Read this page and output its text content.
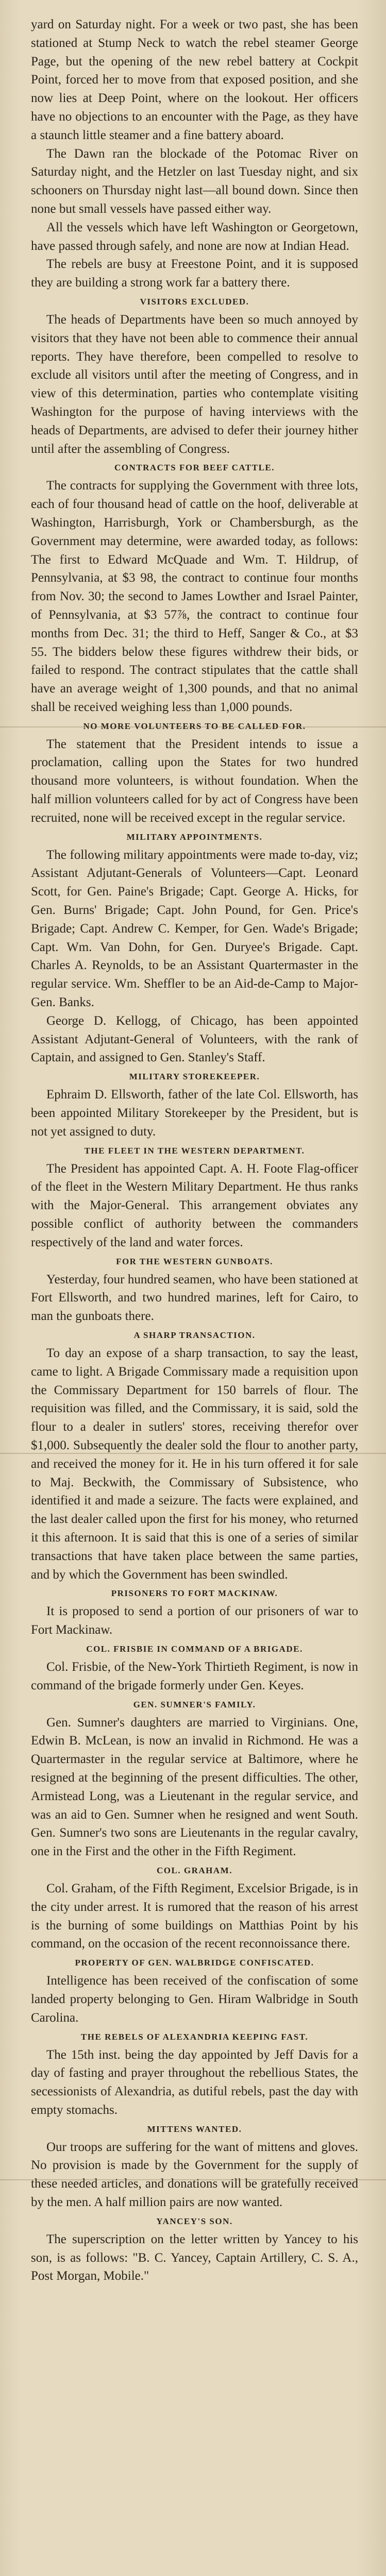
yard on Saturday night. For a week or two past, she has been stationed at Stump Neck to watch the rebel steamer George Page, but the opening of the new rebel battery at Cockpit Point, forced her to move from that exposed position, and she now lies at Deep Point, where on the lookout. Her officers have no objections to an encounter with the Page, as they have a staunch little steamer and a fine battery aboard.

The Dawn ran the blockade of the Potomac River on Saturday night, and the Hetzler on last Tuesday night, and six schooners on Thursday night last—all bound down. Since then none but small vessels have passed either way.

All the vessels which have left Washington or Georgetown, have passed through safely, and none are now at Indian Head.

The rebels are busy at Freestone Point, and it is supposed they are building a strong work far a battery there.

VISITORS EXCLUDED.

The heads of Departments have been so much annoyed by visitors that they have not been able to commence their annual reports. They have therefore, been compelled to resolve to exclude all visitors until after the meeting of Congress, and in view of this determination, parties who contemplate visiting Washington for the purpose of having interviews with the heads of Departments, are advised to defer their journey hither until after the assembling of Congress.

CONTRACTS FOR BEEF CATTLE.

The contracts for supplying the Government with three lots, each of four thousand head of cattle on the hoof, deliverable at Washington, Harrisburgh, York or Chambersburgh, as the Government may determine, were awarded today, as follows: The first to Edward McQuade and Wm. T. Hildrup, of Pennsylvania, at $3 98, the contract to continue four months from Nov. 30; the second to James Lowther and Israel Painter, of Pennsylvania, at $3 57⅞, the contract to continue four months from Dec. 31; the third to Heff, Sanger & Co., at $3 55. The bidders below these figures withdrew their bids, or failed to respond. The contract stipulates that the cattle shall have an average weight of 1,300 pounds, and that no animal shall be received weighing less than 1,000 pounds.

NO MORE VOLUNTEERS TO BE CALLED FOR.

The statement that the President intends to issue a proclamation, calling upon the States for two hundred thousand more volunteers, is without foundation. When the half million volunteers called for by act of Congress have been recruited, none will be received except in the regular service.

MILITARY APPOINTMENTS.

The following military appointments were made to-day, viz; Assistant Adjutant-Generals of Volunteers—Capt. Leonard Scott, for Gen. Paine's Brigade; Capt. George A. Hicks, for Gen. Burns' Brigade; Capt. John Pound, for Gen. Price's Brigade; Capt. Andrew C. Kemper, for Gen. Wade's Brigade; Capt. Wm. Van Dohn, for Gen. Duryee's Brigade. Capt. Charles A. Reynolds, to be an Assistant Quartermaster in the regular service. Wm. Sheffler to be an Aid-de-Camp to Major-Gen. Banks.

George D. Kellogg, of Chicago, has been appointed Assistant Adjutant-General of Volunteers, with the rank of Captain, and assigned to Gen. Stanley's Staff.

MILITARY STOREKEEPER.

Ephraim D. Ellsworth, father of the late Col. Ellsworth, has been appointed Military Storekeeper by the President, but is not yet assigned to duty.

THE FLEET IN THE WESTERN DEPARTMENT.

The President has appointed Capt. A. H. Foote Flag-officer of the fleet in the Western Military Department. He thus ranks with the Major-General. This arrangement obviates any possible conflict of authority between the commanders respectively of the land and water forces.

FOR THE WESTERN GUNBOATS.

Yesterday, four hundred seamen, who have been stationed at Fort Ellsworth, and two hundred marines, left for Cairo, to man the gunboats there.

A SHARP TRANSACTION.

To day an expose of a sharp transaction, to say the least, came to light. A Brigade Commissary made a requisition upon the Commissary Department for 150 barrels of flour. The requisition was filled, and the Commissary, it is said, sold the flour to a dealer in sutlers' stores, receiving therefor over $1,000. Subsequently the dealer sold the flour to another party, and received the money for it. He in his turn offered it for sale to Maj. Beckwith, the Commissary of Subsistence, who identified it and made a seizure. The facts were explained, and the last dealer called upon the first for his money, who returned it this afternoon. It is said that this is one of a series of similar transactions that have taken place between the same parties, and by which the Government has been swindled.

PRISONERS TO FORT MACKINAW.

It is proposed to send a portion of our prisoners of war to Fort Mackinaw.

COL. FRISBIE IN COMMAND OF A BRIGADE.

Col. Frisbie, of the New-York Thirtieth Regiment, is now in command of the brigade formerly under Gen. Keyes.

GEN. SUMNER'S FAMILY.

Gen. Sumner's daughters are married to Virginians. One, Edwin B. McLean, is now an invalid in Richmond. He was a Quartermaster in the regular service at Baltimore, where he resigned at the beginning of the present difficulties. The other, Armistead Long, was a Lieutenant in the regular service, and was an aid to Gen. Sumner when he resigned and went South. Gen. Sumner's two sons are Lieutenants in the regular cavalry, one in the First and the other in the Fifth Regiment.

COL. GRAHAM.

Col. Graham, of the Fifth Regiment, Excelsior Brigade, is in the city under arrest. It is rumored that the reason of his arrest is the burning of some buildings on Matthias Point by his command, on the occasion of the recent reconnoissance there.

PROPERTY OF GEN. WALBRIDGE CONFISCATED.

Intelligence has been received of the confiscation of some landed property belonging to Gen. Hiram Walbridge in South Carolina.

THE REBELS OF ALEXANDRIA KEEPING FAST.

The 15th inst. being the day appointed by Jeff Davis for a day of fasting and prayer throughout the rebellious States, the secessionists of Alexandria, as dutiful rebels, past the day with empty stomachs.

MITTENS WANTED.

Our troops are suffering for the want of mittens and gloves. No provision is made by the Government for the supply of these needed articles, and donations will be gratefully received by the men. A half million pairs are now wanted.

YANCEY'S SON.

The superscription on the letter written by Yancey to his son, is as follows: "B. C. Yancey, Captain Artillery, C. S. A., Post Morgan, Mobile."
